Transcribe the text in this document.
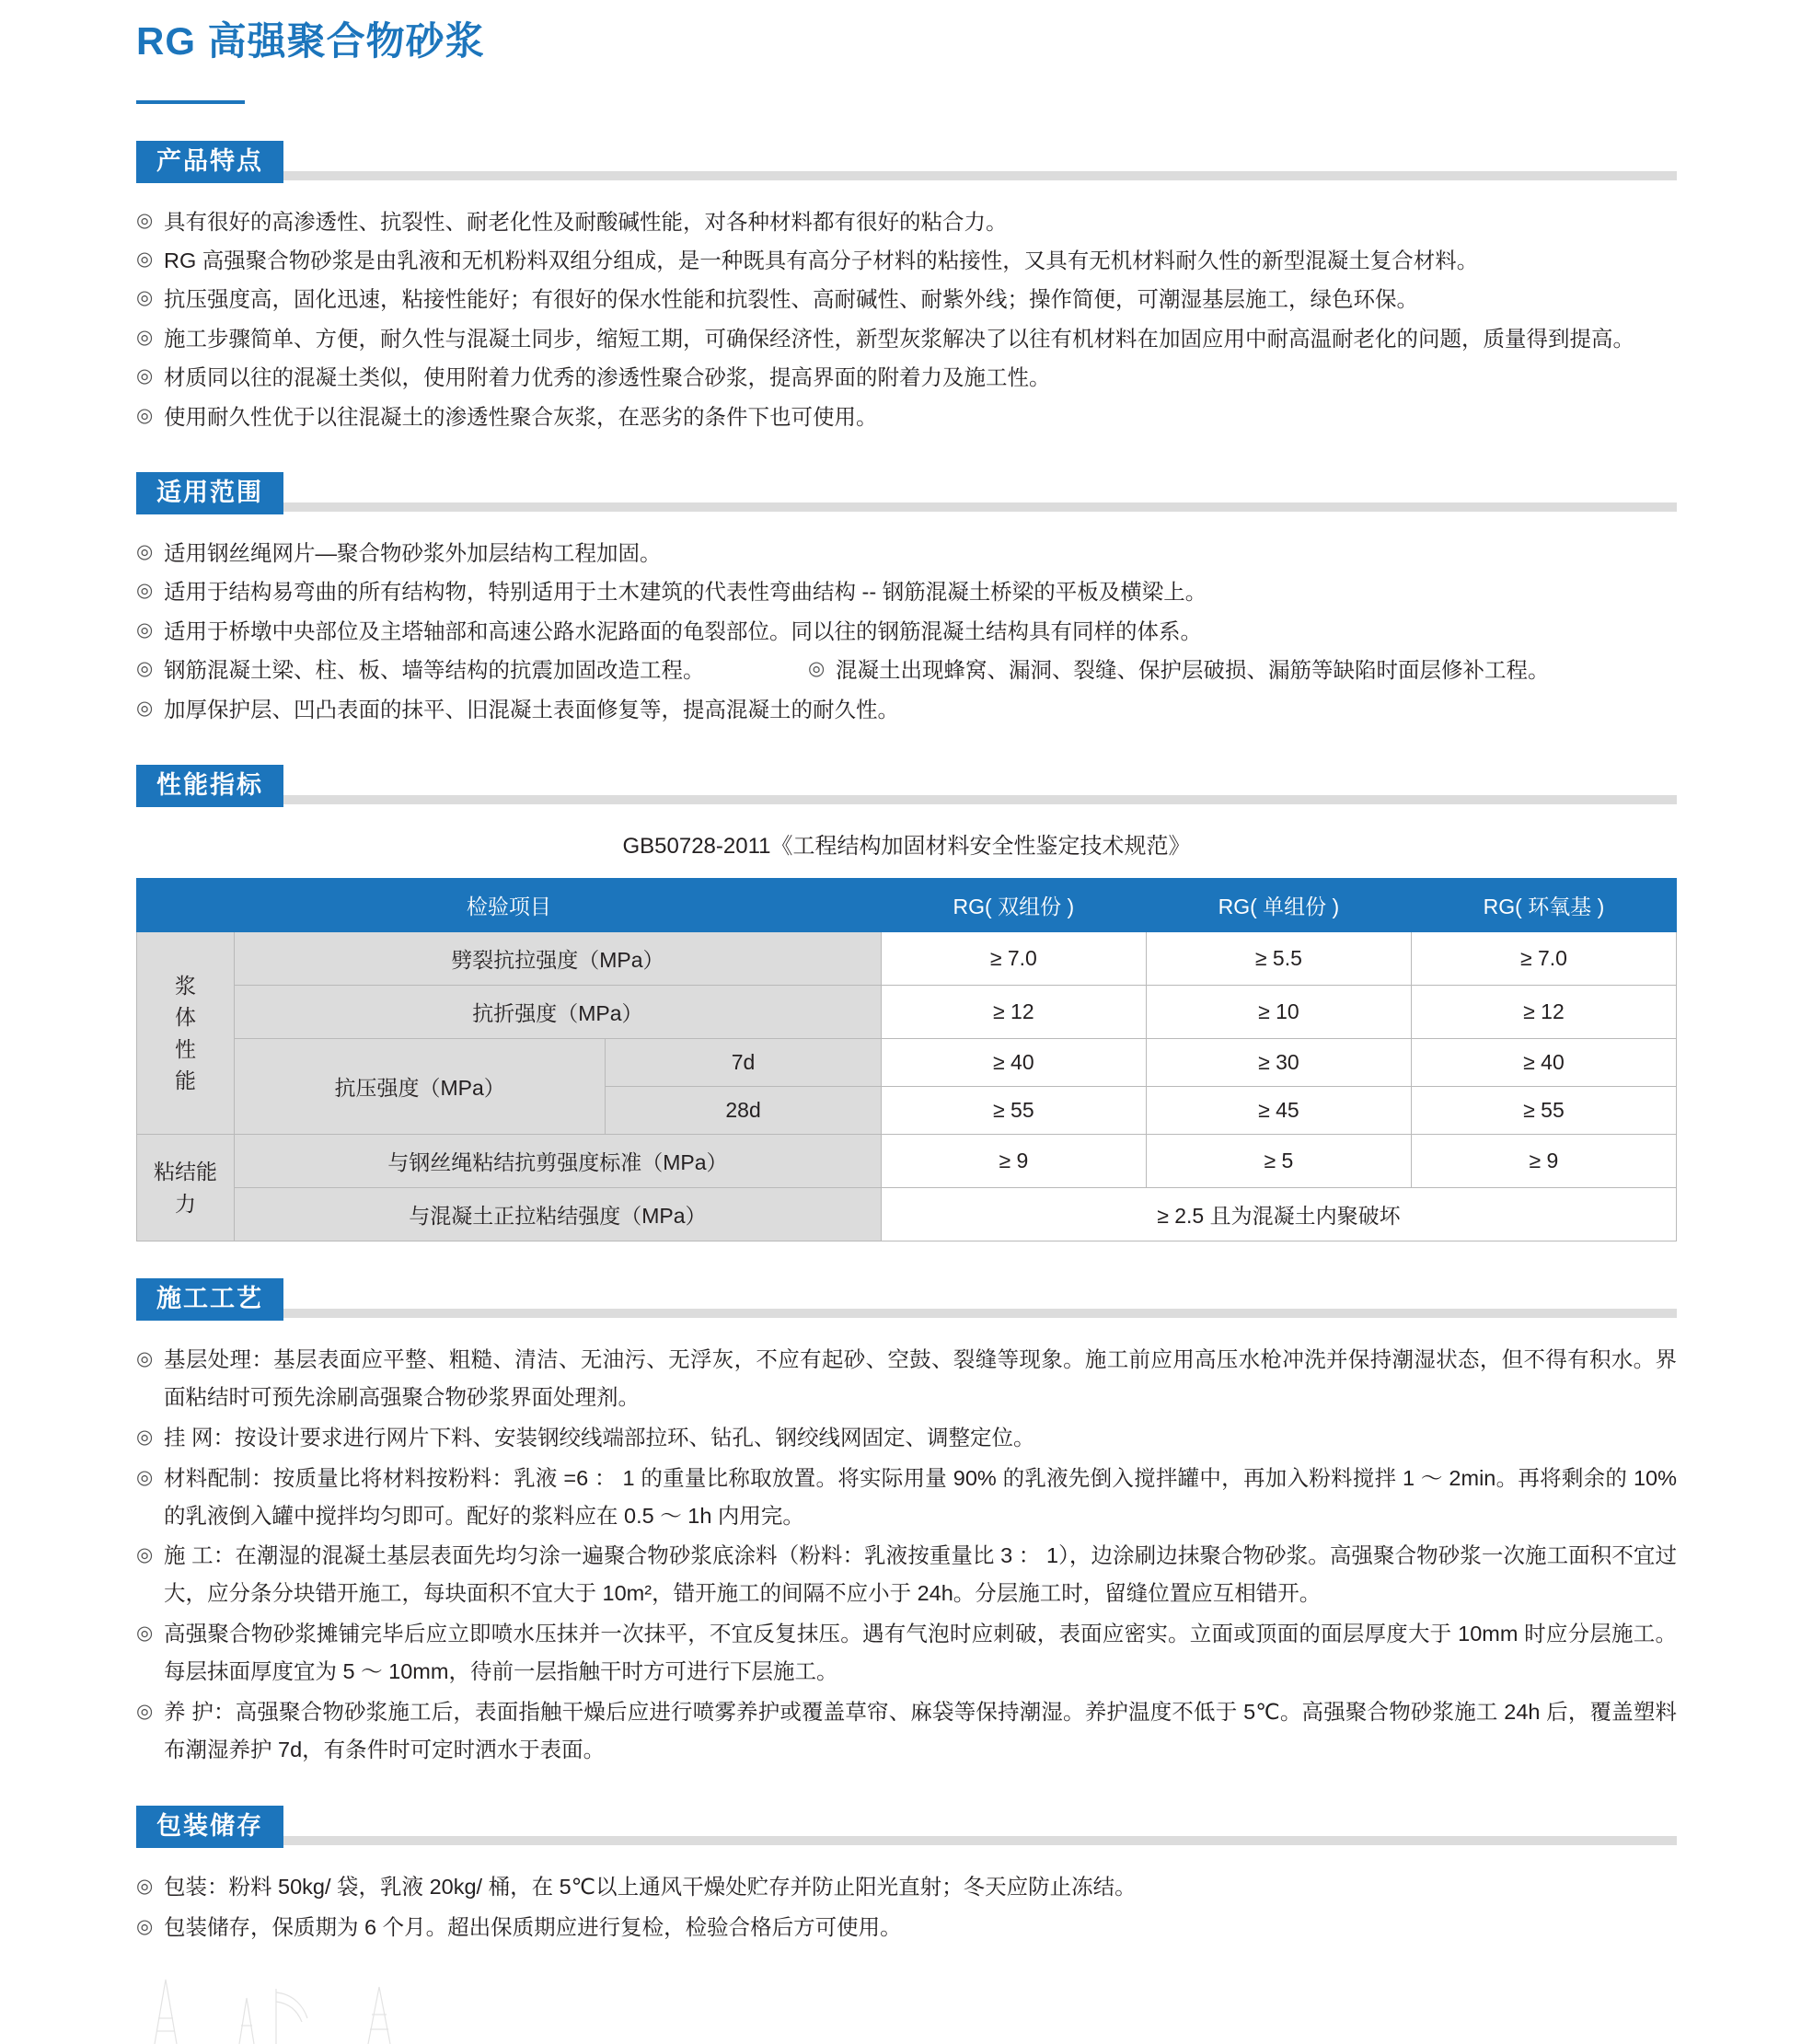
RG 高强聚合物砂浆
产品特点
◎ 具有很好的高渗透性、抗裂性、耐老化性及耐酸碱性能，对各种材料都有很好的粘合力。
◎ RG 高强聚合物砂浆是由乳液和无机粉料双组分组成，是一种既具有高分子材料的粘接性，又具有无机材料耐久性的新型混凝土复合材料。
◎ 抗压强度高，固化迅速，粘接性能好；有很好的保水性能和抗裂性、高耐碱性、耐紫外线；操作简便，可潮湿基层施工，绿色环保。
◎ 施工步骤简单、方便，耐久性与混凝土同步，缩短工期，可确保经济性，新型灰浆解决了以往有机材料在加固应用中耐高温耐老化的问题，质量得到提高。
◎ 材质同以往的混凝土类似，使用附着力优秀的渗透性聚合砂浆，提高界面的附着力及施工性。
◎ 使用耐久性优于以往混凝土的渗透性聚合灰浆，在恶劣的条件下也可使用。
适用范围
◎ 适用钢丝绳网片—聚合物砂浆外加层结构工程加固。
◎ 适用于结构易弯曲的所有结构物，特别适用于土木建筑的代表性弯曲结构 -- 钢筋混凝土桥梁的平板及横梁上。
◎ 适用于桥墩中央部位及主塔轴部和高速公路水泥路面的龟裂部位。同以往的钢筋混凝土结构具有同样的体系。
◎ 钢筋混凝土梁、柱、板、墙等结构的抗震加固改造工程。	◎ 混凝土出现蜂窝、漏洞、裂缝、保护层破损、漏筋等缺陷时面层修补工程。
◎ 加厚保护层、凹凸表面的抹平、旧混凝土表面修复等，提高混凝土的耐久性。
性能指标
GB50728-2011《工程结构加固材料安全性鉴定技术规范》
检验项目			RG( 双组份 )	RG( 单组份 )	RG( 环氧基 )
浆
体
性
能	劈裂抗拉强度（MPa）		≥ 7.0	≥ 5.5	≥ 7.0
	抗折强度（MPa）		≥ 12	≥ 10	≥ 12
	抗压强度（MPa）	7d	≥ 40	≥ 30	≥ 40
		28d	≥ 55	≥ 45	≥ 55
粘结能
力	与钢丝绳粘结抗剪强度标准（MPa）		≥ 9	≥ 5	≥ 9
	与混凝土正拉粘结强度（MPa）		≥ 2.5 且为混凝土内聚破坏		
施工工艺
◎ 基层处理：基层表面应平整、粗糙、清洁、无油污、无浮灰，不应有起砂、空鼓、裂缝等现象。施工前应用高压水枪冲洗并保持潮湿状态，但不得有积水。界面粘结时可预先涂刷高强聚合物砂浆界面处理剂。
◎ 挂 网：按设计要求进行网片下料、安装钢绞线端部拉环、钻孔、钢绞线网固定、调整定位。
◎ 材料配制：按质量比将材料按粉料：乳液 =6 ： 1 的重量比称取放置。将实际用量 90% 的乳液先倒入搅拌罐中，再加入粉料搅拌 1 ～ 2min。再将剩余的 10% 的乳液倒入罐中搅拌均匀即可。配好的浆料应在 0.5 ～ 1h 内用完。
◎ 施 工：在潮湿的混凝土基层表面先均匀涂一遍聚合物砂浆底涂料（粉料：乳液按重量比 3 ： 1），边涂刷边抹聚合物砂浆。高强聚合物砂浆一次施工面积不宜过大，应分条分块错开施工，每块面积不宜大于 10m²，错开施工的间隔不应小于 24h。分层施工时，留缝位置应互相错开。
◎ 高强聚合物砂浆摊铺完毕后应立即喷水压抹并一次抹平，不宜反复抹压。遇有气泡时应刺破，表面应密实。立面或顶面的面层厚度大于 10mm 时应分层施工。每层抹面厚度宜为 5 ～ 10mm，待前一层指触干时方可进行下层施工。
◎ 养 护：高强聚合物砂浆施工后，表面指触干燥后应进行喷雾养护或覆盖草帘、麻袋等保持潮湿。养护温度不低于 5℃。高强聚合物砂浆施工 24h 后，覆盖塑料布潮湿养护 7d，有条件时可定时洒水于表面。
包装储存
◎ 包装：粉料 50kg/ 袋，乳液 20kg/ 桶，在 5℃以上通风干燥处贮存并防止阳光直射；冬天应防止冻结。
◎ 包装储存，保质期为 6 个月。超出保质期应进行复检，检验合格后方可使用。
